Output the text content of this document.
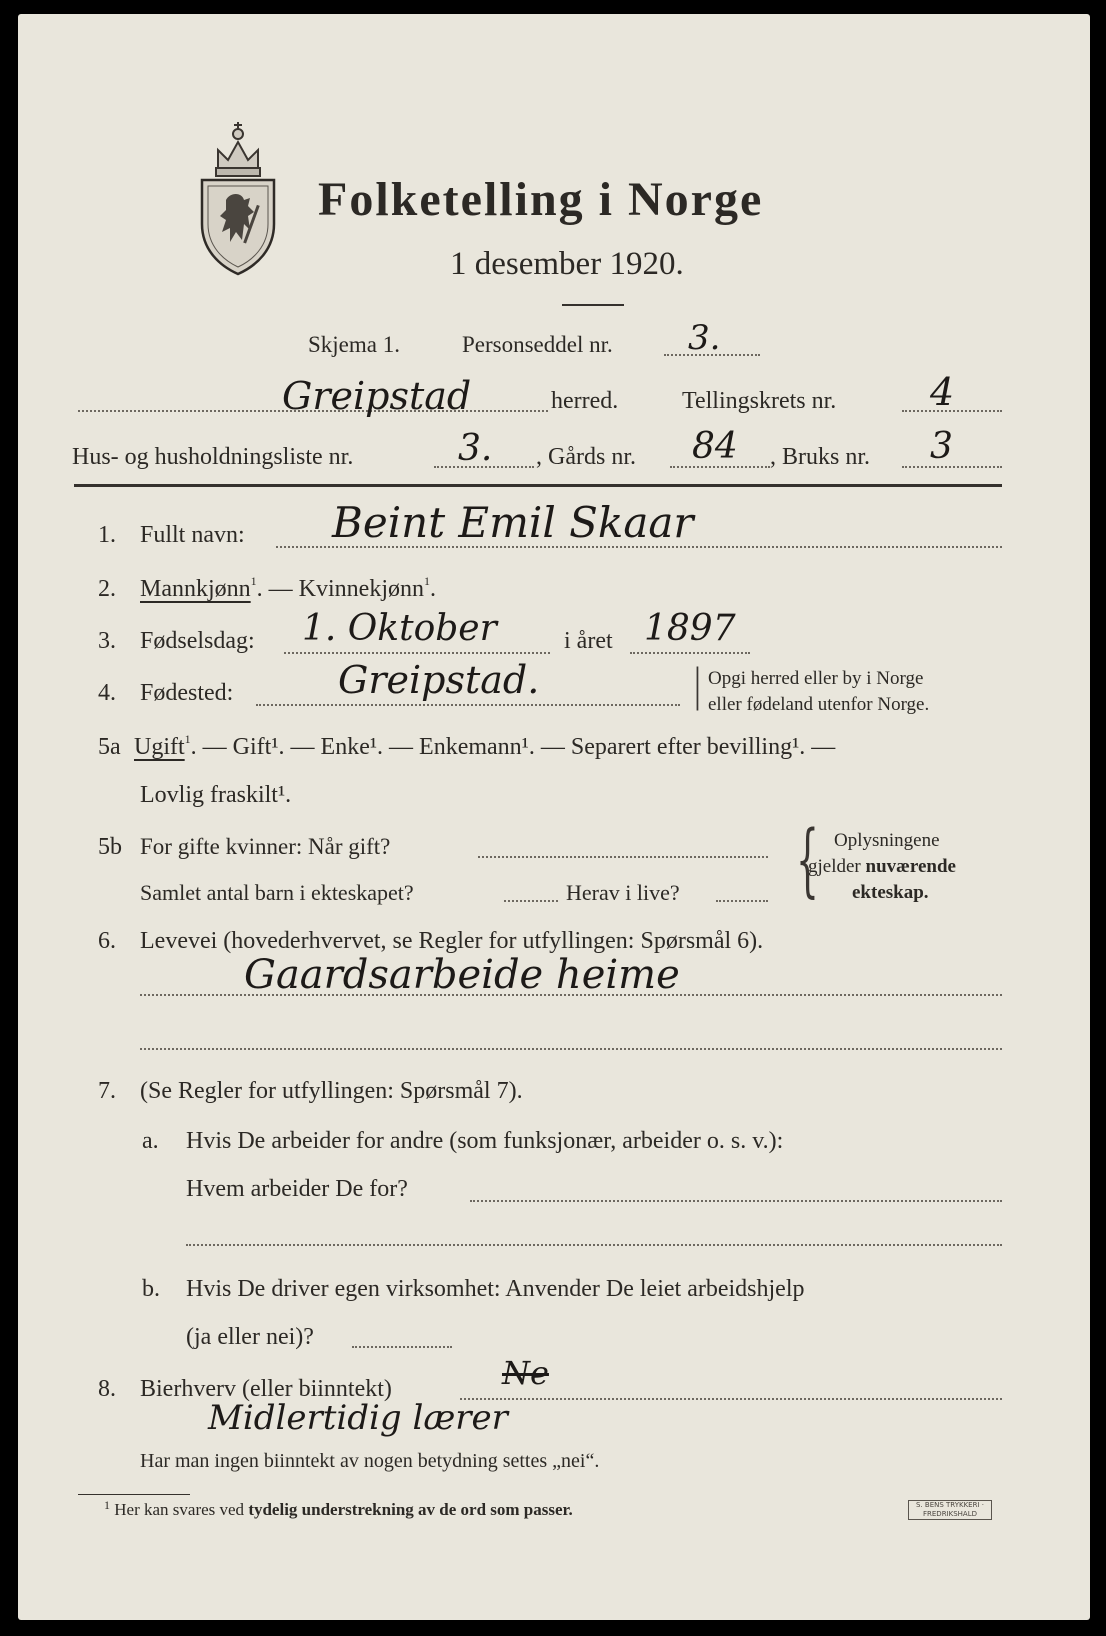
Folketelling i Norge
1 desember 1920.
Skjema 1.	Personseddel nr. 3.
Greipstad	herred.	Tellingskrets nr. 4
Hus- og husholdningsliste nr.	3. , Gårds nr. 84 , Bruks nr. 3
1. Fullt navn: Beint Emil Skaar
2. Mannkjønn$^1$. — Kvinnekjønn$^1$.
3. Fødselsdag: 1. Oktober	i året 1897
4. Fødested:	Greipstad.	| Opgi herred eller by i Norge
eller fødeland utenfor Norge.
5a Ugift$^1$. — Gift¹. — Enke¹. — Enkemann¹. — Separert efter bevilling¹. —
Lovlig fraskilt¹.
5b For gifte kvinner: Når gift?
Samlet antal barn i ekteskapet?	Herav i live? { Oplysningene
gjelder nuværende
ekteskap.
6. Levevei (hovederhvervet, se Regler for utfyllingen: Spørsmål 6).
Gaardsarbeide heime
7. (Se Regler for utfyllingen: Spørsmål 7).
a. Hvis De arbeider for andre (som funksjonær, arbeider o. s. v.):
Hvem arbeider De for?
b. Hvis De driver egen virksomhet: Anvender De leiet arbeidshjelp
(ja eller nei)?
8. Bierhverv (eller biinntekt)	Ne
Midlertidig lærer
Har man ingen biinntekt av nogen betydning settes „nei“.
$^1$ Her kan svares ved tydelig understrekning av de ord som passer.	S. BENS TRYKKERI · FREDRIKSHALD
